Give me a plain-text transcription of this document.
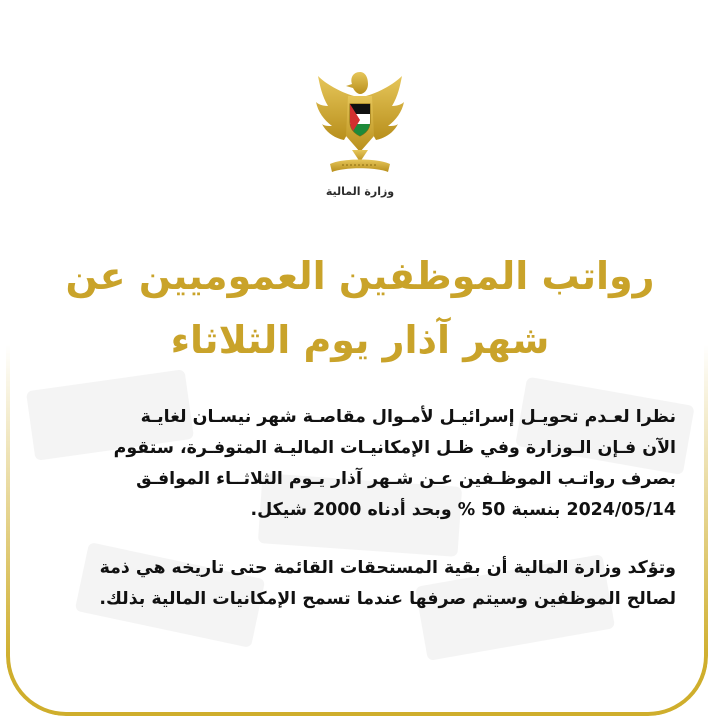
وزارة المالية
رواتب الموظفين العموميين عن
شهر آذار يوم الثلاثاء
نظرا لعـدم تحويـل إسرائيـل لأمـوال مقاصـة شهر نيسـان لغايـة
الآن فـإن الـوزارة وفي ظـل الإمكانيـات الماليـة المتوفـرة، ستقوم
بصرف رواتـب الموظـفين عـن شـهر آذار يـوم الثلاثــاء الموافـق
2024/05/14 بنسبة 50 % وبحد أدناه 2000 شيكل.
وتؤكد وزارة المالية أن بقية المستحقات القائمة حتى تاريخه هي ذمة
لصالح الموظفين وسيتم صرفها عندما تسمح الإمكانيات المالية بذلك.
